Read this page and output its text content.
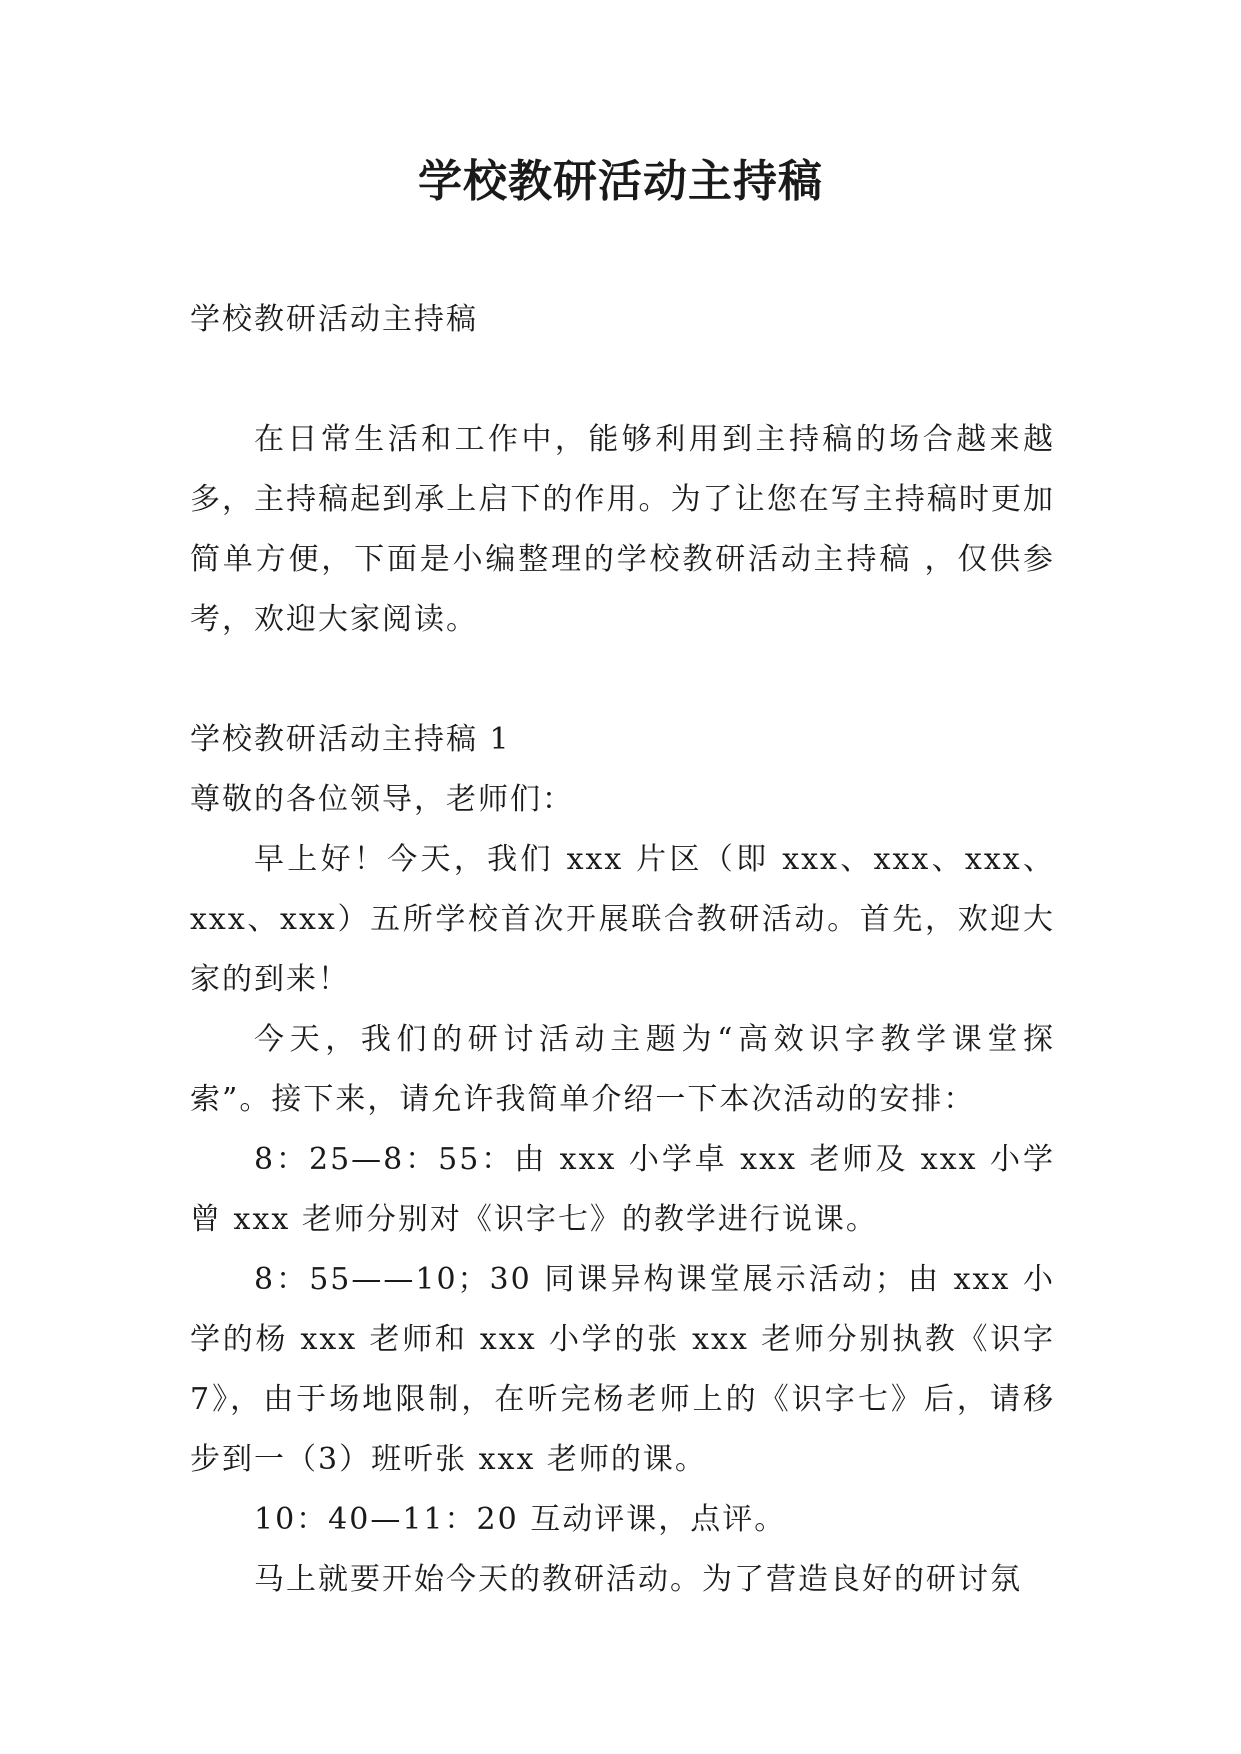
学校教研活动主持稿

学校教研活动主持稿

在日常生活和工作中，能够利用到主持稿的场合越来越多，主持稿起到承上启下的作用。为了让您在写主持稿时更加简单方便，下面是小编整理的学校教研活动主持稿 ，仅供参考，欢迎大家阅读。

学校教研活动主持稿 1

尊敬的各位领导，老师们：

早上好！今天，我们 xxx 片区（即 xxx、xxx、xxx、xxx、xxx）五所学校首次开展联合教研活动。首先，欢迎大家的到来！

今天，我们的研讨活动主题为“高效识字教学课堂探索”。接下来，请允许我简单介绍一下本次活动的安排：

8：25—8：55：由 xxx 小学卓 xxx 老师及 xxx 小学曾 xxx 老师分别对《识字七》的教学进行说课。

8：55——10；30 同课异构课堂展示活动；由 xxx 小学的杨 xxx 老师和 xxx 小学的张 xxx 老师分别执教《识字 7》，由于场地限制，在听完杨老师上的《识字七》后，请移步到一（3）班听张 xxx 老师的课。

10：40—11：20 互动评课，点评。

马上就要开始今天的教研活动。为了营造良好的研讨氛
